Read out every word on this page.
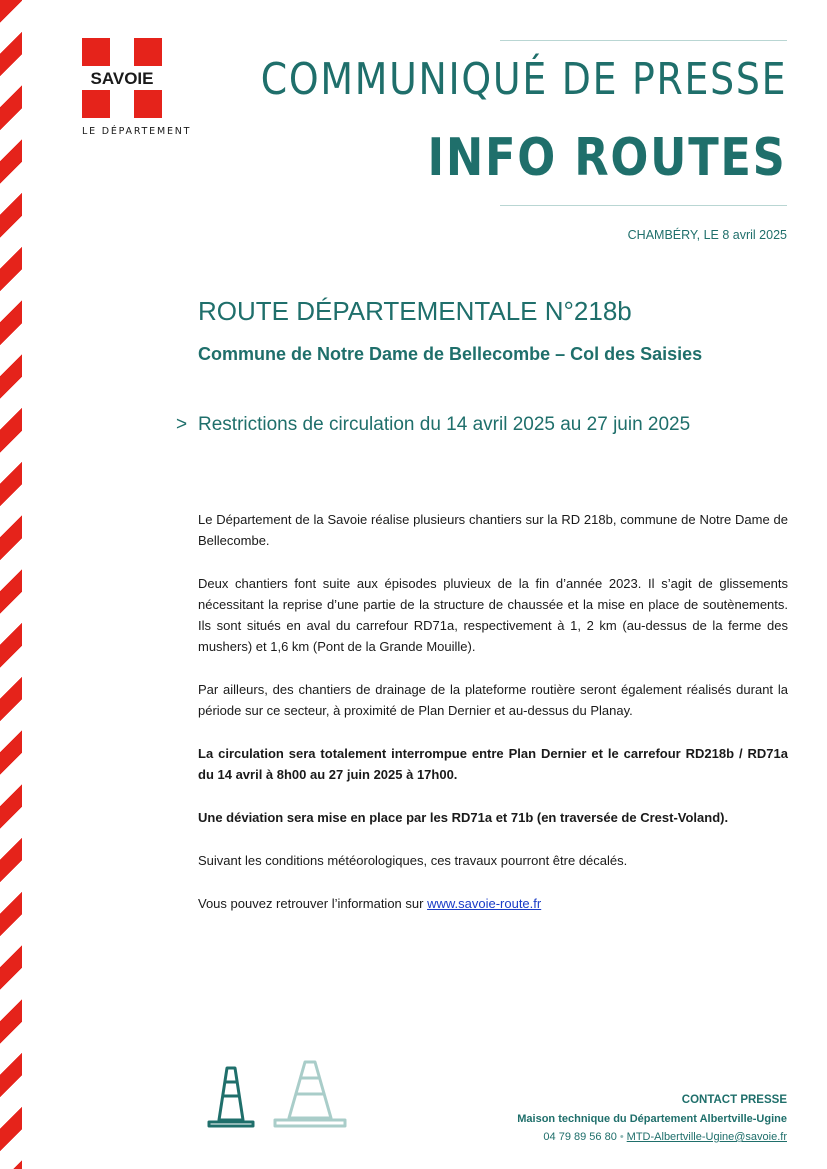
SAVOIE
LE DÉPARTEMENT
COMMUNIQUÉ DE PRESSE
INFO ROUTES
CHAMBÉRY, LE 8 avril 2025
ROUTE DÉPARTEMENTALE N°218b
Commune de Notre Dame de Bellecombe – Col des Saisies
> Restrictions de circulation du 14 avril 2025 au 27 juin 2025

Le Département de la Savoie réalise plusieurs chantiers sur la RD 218b, commune de Notre Dame de Bellecombe.

Deux chantiers font suite aux épisodes pluvieux de la fin d’année 2023. Il s’agit de glissements nécessitant la reprise d’une partie de la structure de chaussée et la mise en place de soutènements. Ils sont situés en aval du carrefour RD71a, respectivement à 1, 2 km (au-dessus de la ferme des mushers) et 1,6 km (Pont de la Grande Mouille).

Par ailleurs, des chantiers de drainage de la plateforme routière seront également réalisés durant la période sur ce secteur, à proximité de Plan Dernier et au-dessus du Planay.

La circulation sera totalement interrompue entre Plan Dernier et le carrefour RD218b / RD71a du 14 avril à 8h00 au 27 juin 2025 à 17h00.

Une déviation sera mise en place par les RD71a et 71b (en traversée de Crest-Voland).

Suivant les conditions météorologiques, ces travaux pourront être décalés.

Vous pouvez retrouver l’information sur www.savoie-route.fr

CONTACT PRESSE
Maison technique du Département Albertville-Ugine
04 79 89 56 80 • MTD-Albertville-Ugine@savoie.fr
